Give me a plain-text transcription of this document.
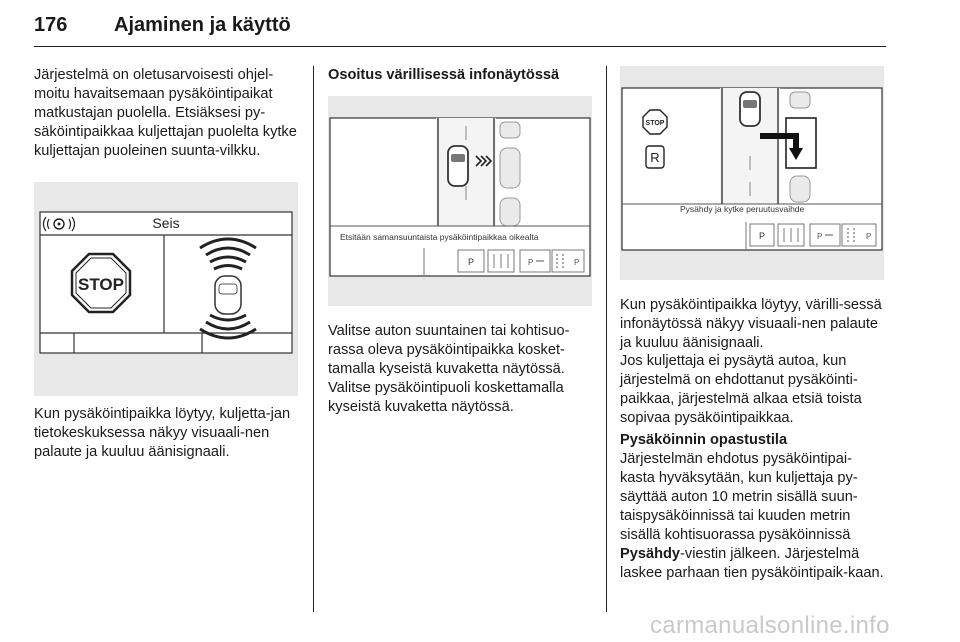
176 Ajaminen ja käyttö

Järjestelmä on oletusarvoisesti ohjel-moitu havaitsemaan pysäköintipaikat matkustajan puolella. Etsiäksesi py-säköintipaikkaa kuljettajan puolelta kytke kuljettajan puoleinen suunta-vilkku.

Seis
STOP

Kun pysäköintipaikka löytyy, kuljetta-jan tietokeskuksessa näkyy visuaali-nen palaute ja kuuluu äänisignaali.

Osoitus värillisessä infonäytössä

Etsitään samansuuntaista pysäköintipaikkaa oikealta
P	P	P

Valitse auton suuntainen tai kohtisuo-rassa oleva pysäköintipaikka kosket-tamalla kyseistä kuvaketta näytössä.

Valitse pysäköintipuoli koskettamalla kyseistä kuvaketta näytössä.

STOP
R
Pysähdy ja kytke peruutusvaihde
P	P	P

Kun pysäköintipaikka löytyy, värilli-sessä infonäytössä näkyy visuaali-nen palaute ja kuuluu äänisignaali.

Jos kuljettaja ei pysäytä autoa, kun järjestelmä on ehdottanut pysäköinti-paikkaa, järjestelmä alkaa etsiä toista sopivaa pysäköintipaikkaa.

Pysäköinnin opastustila

Järjestelmän ehdotus pysäköintipai-kasta hyväksytään, kun kuljettaja py-säyttää auton 10 metrin sisällä suun-taispysäköinnissä tai kuuden metrin sisällä kohtisuorassa pysäköinnissä Pysähdy-viestin jälkeen. Järjestelmä laskee parhaan tien pysäköintipaik-kaan.

carmanualsonline.info
